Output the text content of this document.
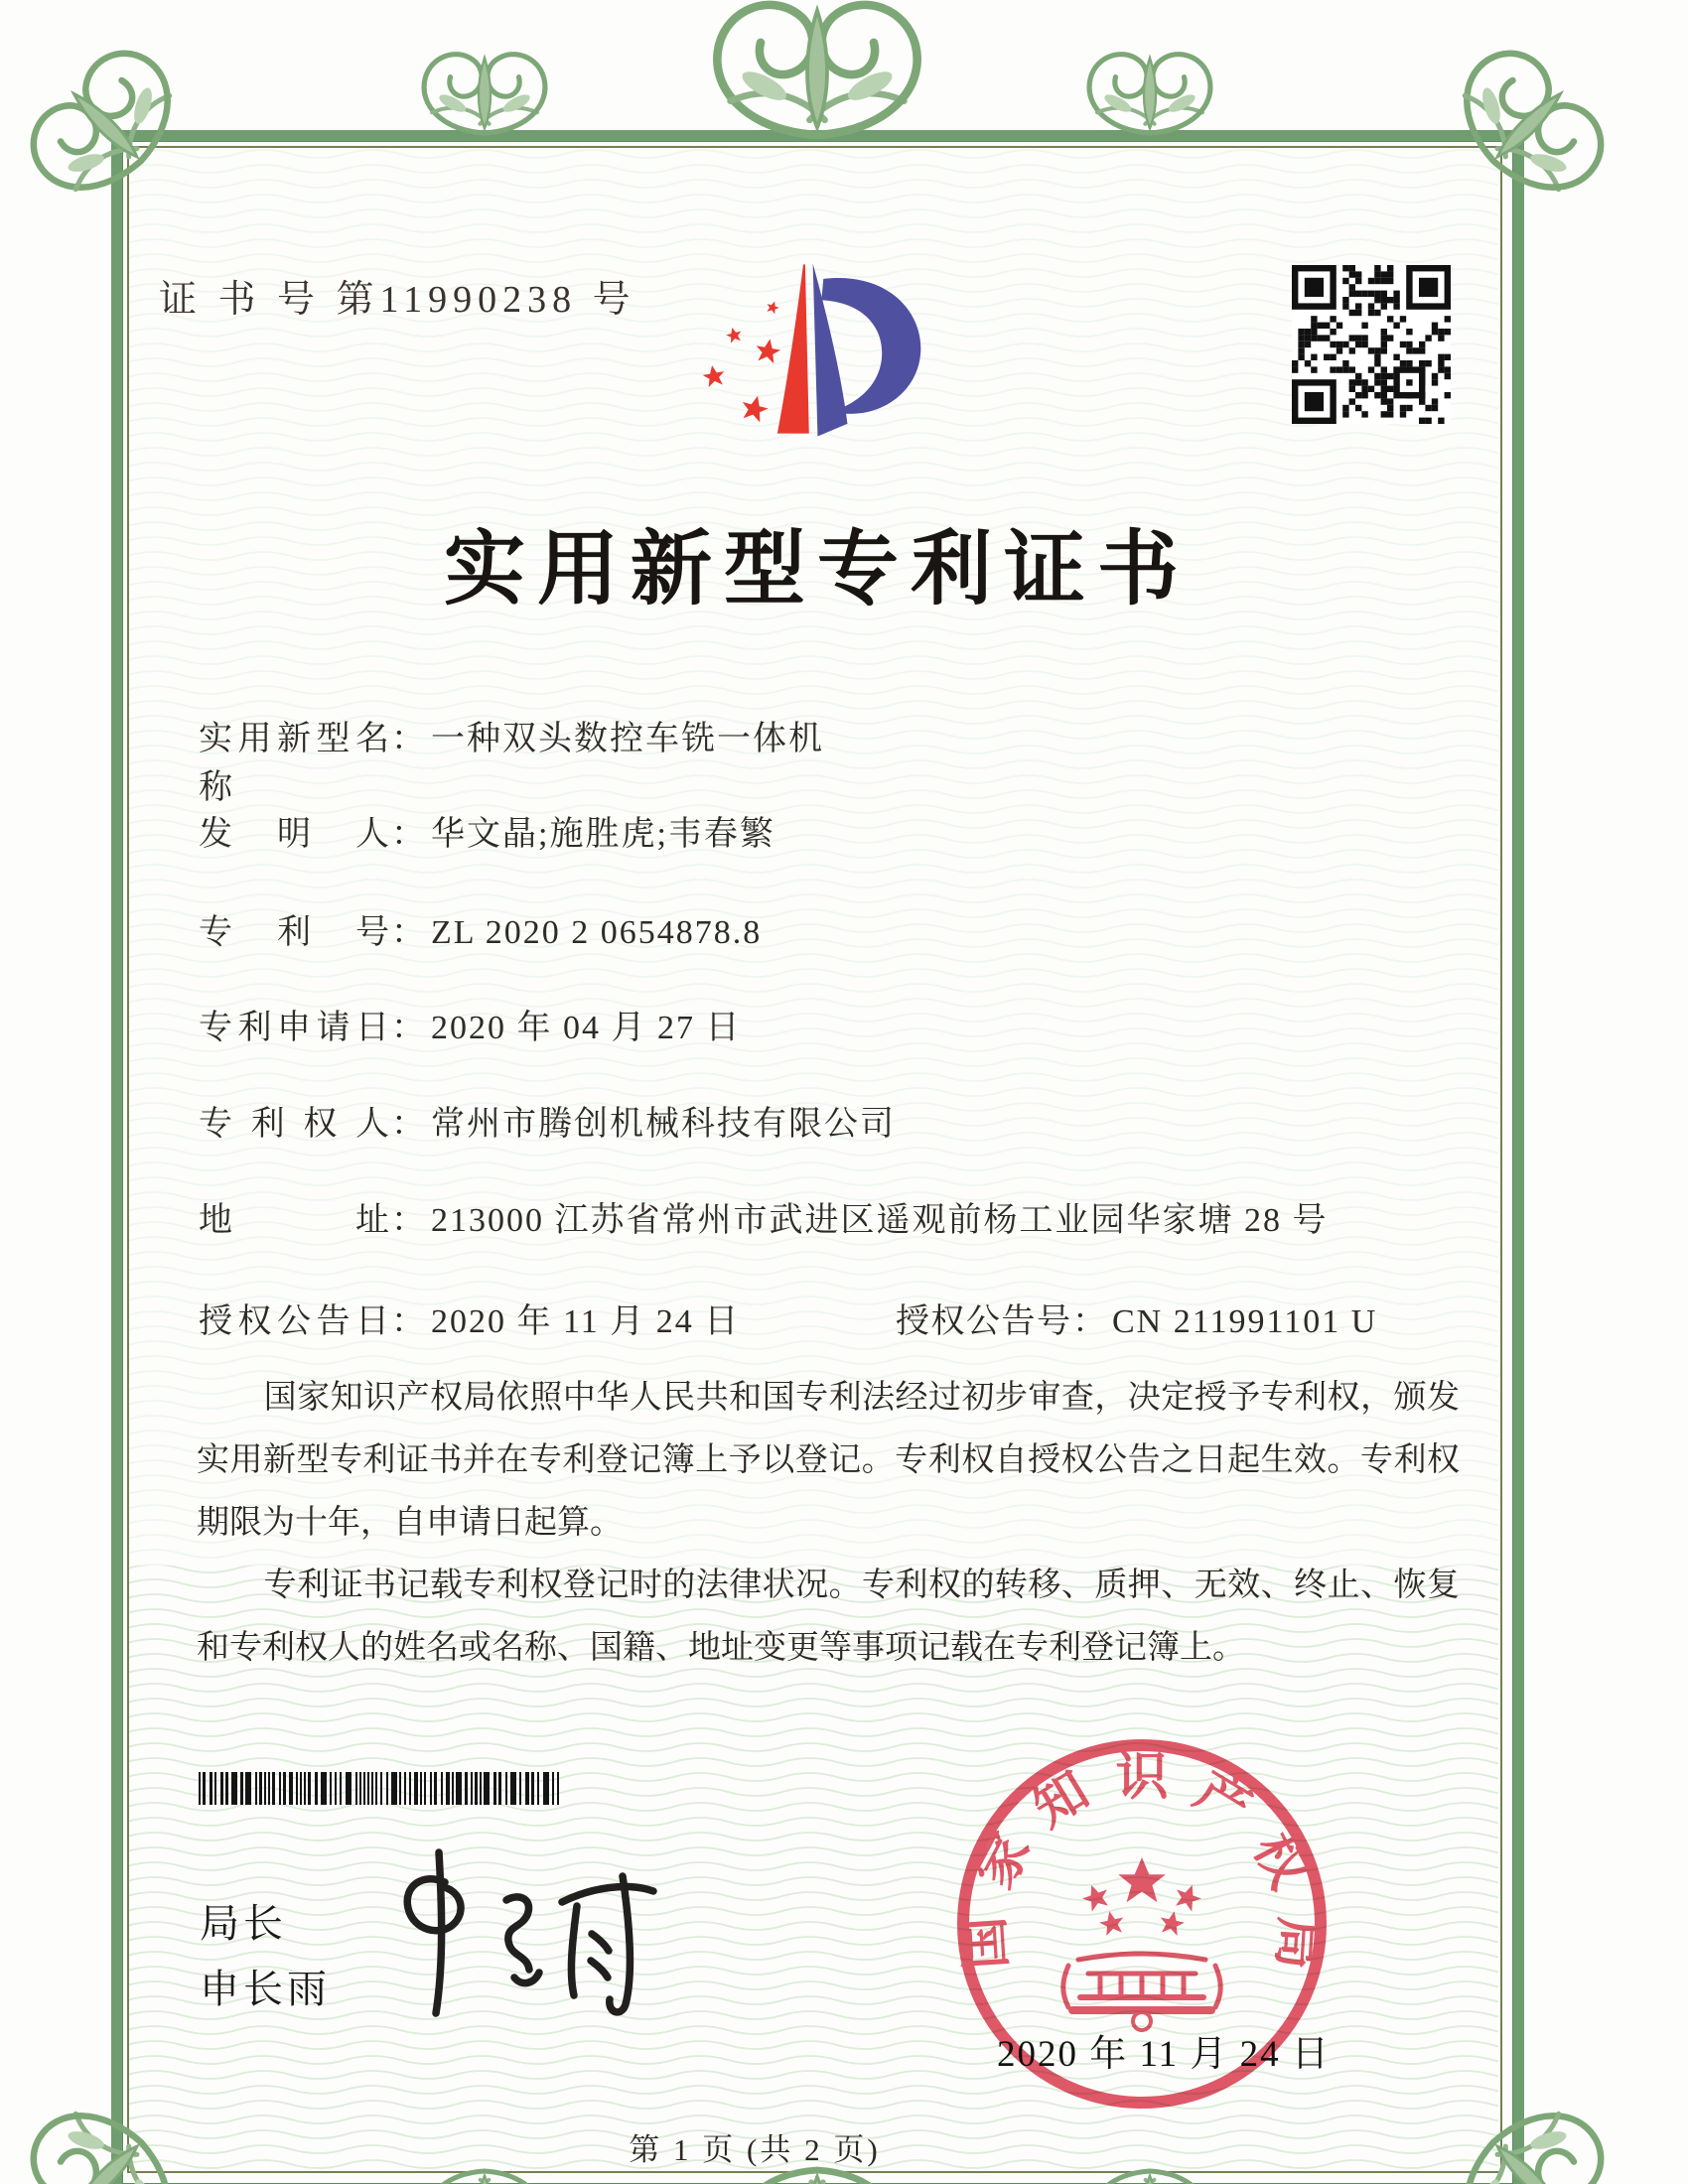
证 书 号 第11990238 号
实用新型专利证书
实用新型名称
： 一种双头数控车铣一体机
发明人 ： 华文晶;施胜虎;韦春繁
专利号 ： ZL 2020 2 0654878.8
专利申请日 ： 2020 年 04 月 27 日
专利权人 ： 常州市腾创机械科技有限公司
地址 ： 213000 江苏省常州市武进区遥观前杨工业园华家塘 28 号
授权公告日 ： 2020 年 11 月 24 日	授权公告号 ： CN 211991101 U

国家知识产权局依照中华人民共和国专利法经过初步审查，决定授予专利权，颁发实用新型专利证书并在专利登记簿上予以登记。专利权自授权公告之日起生效。专利权期限为十年，自申请日起算。

专利证书记载专利权登记时的法律状况。专利权的转移、质押、无效、终止、恢复和专利权人的姓名或名称、国籍、地址变更等事项记载在专利登记簿上。

局长
申长雨
国家知识产权局
2020 年 11 月 24 日
第 1 页 (共 2 页)
